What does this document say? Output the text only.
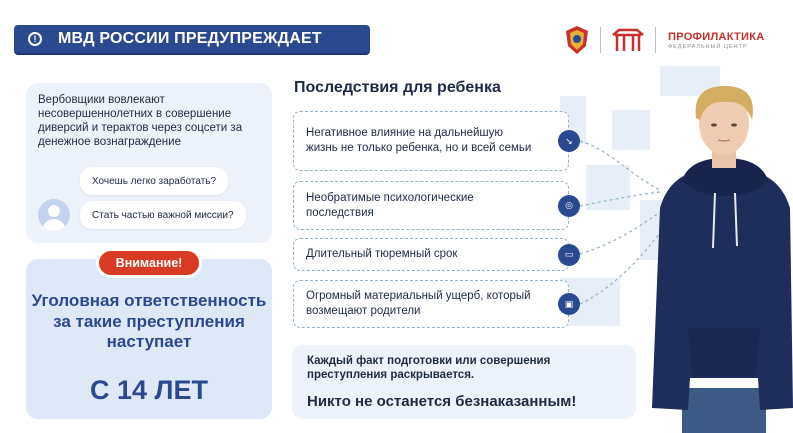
!	МВД РОССИИ ПРЕДУПРЕЖДАЕТ	ПРОФИЛАКТИКА
ФЕДЕРАЛЬНЫЙ ЦЕНТР
Вербовщики вовлекают несовершеннолетних в совершение диверсий и терактов через соцсети за денежное вознаграждение
Хочешь легко заработать?
Стать частью важной миссии?
Внимание!
Уголовная ответственность за такие преступления наступает
С 14 ЛЕТ
Последствия для ребенка
Негативное влияние на дальнейшую жизнь не только ребенка, но и всей семьи
↘
Необратимые психологические последствия
◎
Длительный тюремный срок	▭
Огромный материальный ущерб, который возмещают родители
▣
Каждый факт подготовки или совершения преступления раскрывается.
Никто не останется безнаказанным!
